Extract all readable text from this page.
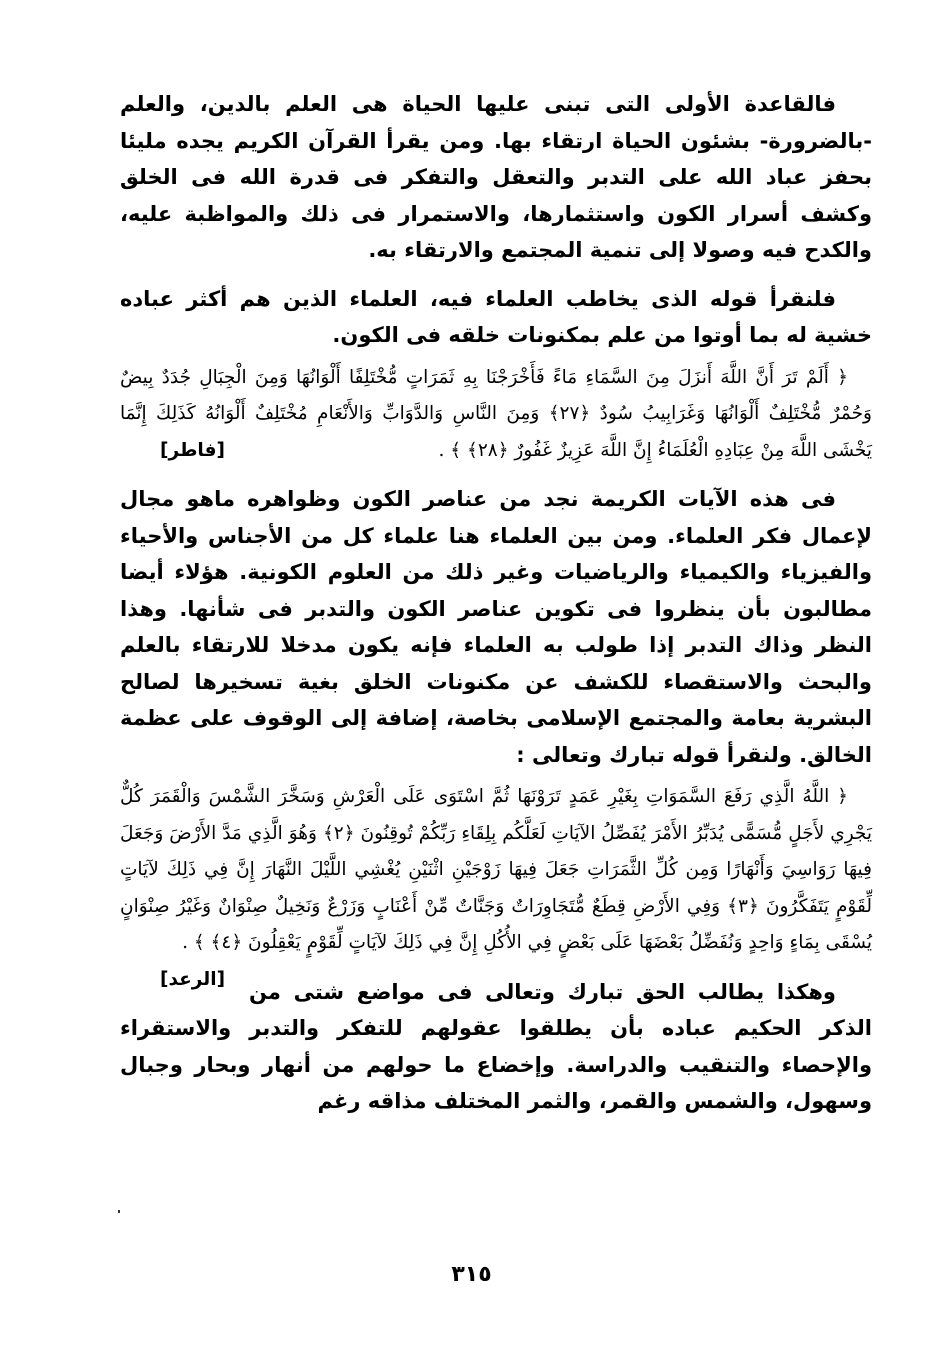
فالقاعدة الأولى التى تبنى عليها الحياة هى العلم بالدين، والعلم -بالضرورة- بشئون الحياة ارتقاء بها. ومن يقرأ القرآن الكريم يجده مليئا بحفز عباد الله على التدبر والتعقل والتفكر فى قدرة الله فى الخلق وكشف أسرار الكون واستثمارها، والاستمرار فى ذلك والمواظبة عليه، والكدح فيه وصولا إلى تنمية المجتمع والارتقاء به.

فلنقرأ قوله الذى يخاطب العلماء فيه، العلماء الذين هم أكثر عباده خشية له بما أوتوا من علم بمكنونات خلقه فى الكون.

﴿ أَلَمْ تَرَ أَنَّ اللَّهَ أَنزَلَ مِنَ السَّمَاءِ مَاءً فَأَخْرَجْنَا بِهِ ثَمَرَاتٍ مُّخْتَلِفًا أَلْوَانُهَا وَمِنَ الْجِبَالِ جُدَدٌ بِيضٌ وَحُمْرٌ مُّخْتَلِفٌ أَلْوَانُهَا وَغَرَابِيبُ سُودٌ ﴿٢٧﴾ وَمِنَ النَّاسِ وَالدَّوَابِّ وَالأَنْعَامِ مُخْتَلِفٌ أَلْوَانُهُ كَذَلِكَ إِنَّمَا يَخْشَى اللَّهَ مِنْ عِبَادِهِ الْعُلَمَاءُ إِنَّ اللَّهَ عَزِيزٌ غَفُورٌ ﴿٢٨﴾ ﴾ .
[فاطر]

فى هذه الآيات الكريمة نجد من عناصر الكون وظواهره ماهو مجال لإعمال فكر العلماء. ومن بين العلماء هنا علماء كل من الأجناس والأحياء والفيزياء والكيمياء والرياضيات وغير ذلك من العلوم الكونية. هؤلاء أيضا مطالبون بأن ينظروا فى تكوين عناصر الكون والتدبر فى شأنها. وهذا النظر وذاك التدبر إذا طولب به العلماء فإنه يكون مدخلا للارتقاء بالعلم والبحث والاستقصاء للكشف عن مكنونات الخلق بغية تسخيرها لصالح البشرية بعامة والمجتمع الإسلامى بخاصة، إضافة إلى الوقوف على عظمة الخالق. ولنقرأ قوله تبارك وتعالى :

﴿ اللَّهُ الَّذِي رَفَعَ السَّمَوَاتِ بِغَيْرِ عَمَدٍ تَرَوْنَهَا ثُمَّ اسْتَوَى عَلَى الْعَرْشِ وَسَخَّرَ الشَّمْسَ وَالْقَمَرَ كُلٌّ يَجْرِي لأَجَلٍ مُّسَمًّى يُدَبِّرُ الأَمْرَ يُفَصِّلُ الآيَاتِ لَعَلَّكُم بِلِقَاءِ رَبِّكُمْ تُوقِنُونَ ﴿٢﴾ وَهُوَ الَّذِي مَدَّ الأَرْضَ وَجَعَلَ فِيهَا رَوَاسِيَ وَأَنْهَارًا وَمِن كُلِّ الثَّمَرَاتِ جَعَلَ فِيهَا زَوْجَيْنِ اثْنَيْنِ يُغْشِي اللَّيْلَ النَّهَارَ إِنَّ فِي ذَلِكَ لآيَاتٍ لِّقَوْمٍ يَتَفَكَّرُونَ ﴿٣﴾ وَفِي الأَرْضِ قِطَعٌ مُّتَجَاوِرَاتٌ وَجَنَّاتٌ مِّنْ أَعْنَابٍ وَزَرْعٌ وَنَخِيلٌ صِنْوَانٌ وَغَيْرُ صِنْوَانٍ يُسْقَى بِمَاءٍ وَاحِدٍ وَنُفَضِّلُ بَعْضَهَا عَلَى بَعْضٍ فِي الأُكُلِ إِنَّ فِي ذَلِكَ لآيَاتٍ لِّقَوْمٍ يَعْقِلُونَ ﴿٤﴾ ﴾ .
[الرعد]

وهكذا يطالب الحق تبارك وتعالى فى مواضع شتى من الذكر الحكيم عباده بأن يطلقوا عقولهم للتفكر والتدبر والاستقراء والإحصاء والتنقيب والدراسة. وإخضاع ما حولهم من أنهار وبحار وجبال وسهول، والشمس والقمر، والثمر المختلف مذاقه رغم

٣١٥
